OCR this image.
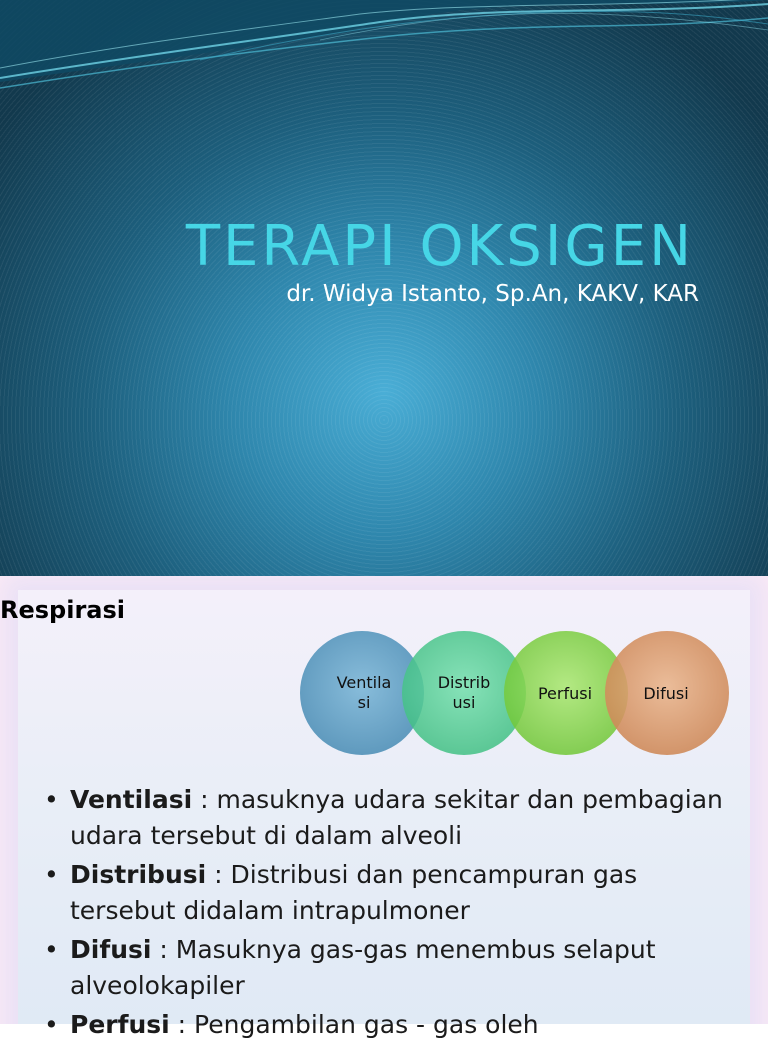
TERAPI OKSIGEN
dr. Widya Istanto, Sp.An, KAKV, KAR
Respirasi
Ventila
si
Distrib
usi	Perfusi	Difusi
• Ventilasi : masuknya udara sekitar dan pembagian udara tersebut di dalam alveoli
• Distribusi : Distribusi dan pencampuran gas tersebut didalam intrapulmoner
• Difusi : Masuknya gas-gas menembus selaput alveolokapiler
• Perfusi : Pengambilan gas - gas oleh
